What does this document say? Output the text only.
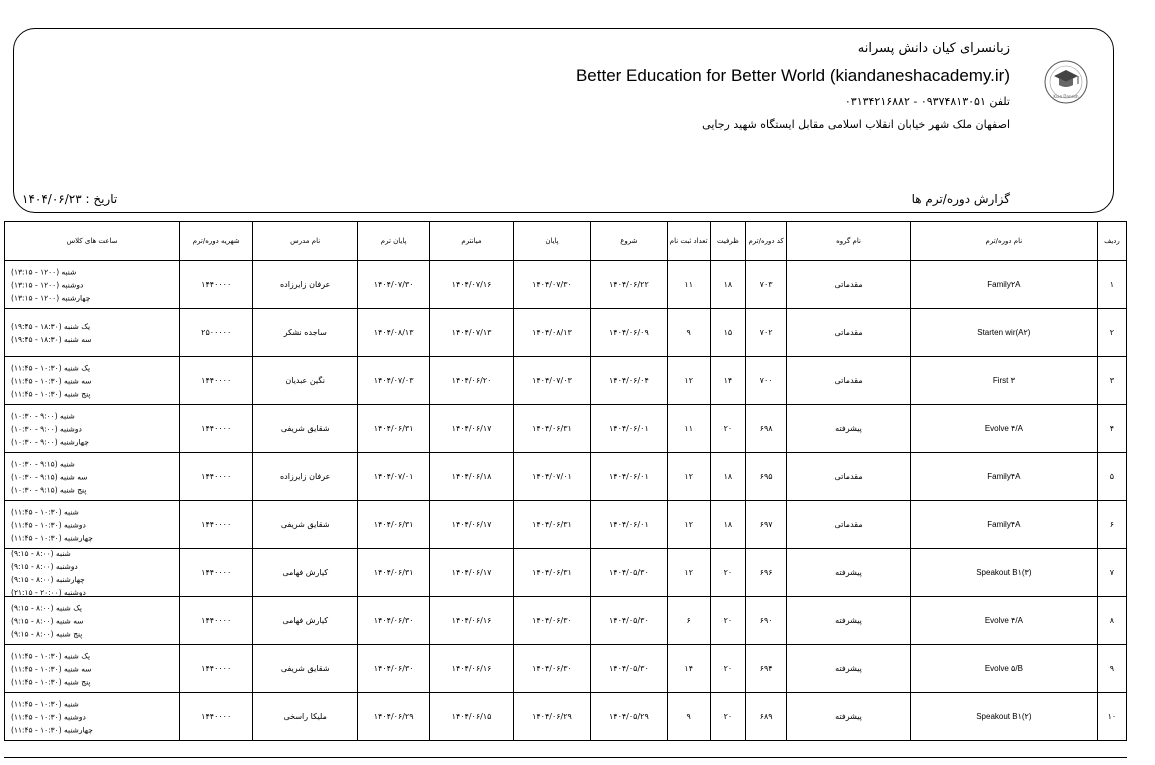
Kian Danesh
زبانسرای کیان دانش پسرانه
Better Education for Better World (kiandaneshacademy.ir)
تلفن ۰۹۳۷۴۸۱۳۰۵۱ - ۰۳۱۳۴۲۱۶۸۸۲
اصفهان ملک شهر خیابان انقلاب اسلامی مقابل ایستگاه شهید رجایی
گزارش دوره/ترم ها
تاریخ : ۱۴۰۴/۰۶/۲۳
ردیف	نام دوره/ترم	نام گروه	کد دوره/ترم	ظرفیت	تعداد ثبت نام	شروع	پایان	میانترم	پایان ترم	نام مدرس	شهریه دوره/ترم	ساعت های کلاس
۱	Family۲A	مقدماتی	۷۰۳	۱۸	۱۱	۱۴۰۴/۰۶/۲۲	۱۴۰۴/۰۷/۳۰	۱۴۰۴/۰۷/۱۶	۱۴۰۴/۰۷/۳۰	عرفان زایرزاده	۱۴۴۰۰۰۰	شنبه (۱۲۰۰ - ۱۳:۱۵)
دوشنبه (۱۲۰۰ - ۱۳:۱۵)
چهارشنبه (۱۲۰۰ - ۱۳:۱۵)

۲	Starten wir(A۲)	مقدماتی	۷۰۲	۱۵	۹	۱۴۰۴/۰۶/۰۹	۱۴۰۴/۰۸/۱۳	۱۴۰۴/۰۷/۱۳	۱۴۰۴/۰۸/۱۳	ساجده نشکر	۲۵۰۰۰۰۰	یک شنبه (۱۸:۳۰ - ۱۹:۴۵)
سه شنبه (۱۸:۳۰ - ۱۹:۴۵)

۳	First ۳	مقدماتی	۷۰۰	۱۴	۱۲	۱۴۰۴/۰۶/۰۴	۱۴۰۴/۰۷/۰۳	۱۴۰۴/۰۶/۲۰	۱۴۰۴/۰۷/۰۳	نگین عبدیان	۱۴۴۰۰۰۰	یک شنبه (۱۰:۳۰ - ۱۱:۴۵)
سه شنبه (۱۰:۳۰ - ۱۱:۴۵)
پنج شنبه (۱۰:۳۰ - ۱۱:۴۵)

۴	Evolve ۴/A	پیشرفته	۶۹۸	۲۰	۱۱	۱۴۰۴/۰۶/۰۱	۱۴۰۴/۰۶/۳۱	۱۴۰۴/۰۶/۱۷	۱۴۰۴/۰۶/۳۱	شقایق شریفی	۱۴۴۰۰۰۰	شنبه (۹:۰۰ - ۱۰:۳۰)
دوشنبه (۹:۰۰ - ۱۰:۳۰)
چهارشنبه (۹:۰۰ - ۱۰:۳۰)

۵	Family۴A	مقدماتی	۶۹۵	۱۸	۱۲	۱۴۰۴/۰۶/۰۱	۱۴۰۴/۰۷/۰۱	۱۴۰۴/۰۶/۱۸	۱۴۰۴/۰۷/۰۱	عرفان زایرزاده	۱۴۴۰۰۰۰	شنبه (۹:۱۵ - ۱۰:۳۰)
سه شنبه (۹:۱۵ - ۱۰:۳۰)
پنج شنبه (۹:۱۵ - ۱۰:۳۰)

۶	Family۴A	مقدماتی	۶۹۷	۱۸	۱۲	۱۴۰۴/۰۶/۰۱	۱۴۰۴/۰۶/۳۱	۱۴۰۴/۰۶/۱۷	۱۴۰۴/۰۶/۳۱	شقایق شریفی	۱۴۴۰۰۰۰	شنبه (۱۰:۳۰ - ۱۱:۴۵)
دوشنبه (۱۰:۳۰ - ۱۱:۴۵)
چهارشنبه (۱۰:۳۰ - ۱۱:۴۵)

۷	Speakout B۱(۳)	پیشرفته	۶۹۶	۲۰	۱۲	۱۴۰۴/۰۵/۳۰	۱۴۰۴/۰۶/۳۱	۱۴۰۴/۰۶/۱۷	۱۴۰۴/۰۶/۳۱	کیارش فهامی	۱۴۴۰۰۰۰	شنبه (۸:۰۰ - ۹:۱۵)
دوشنبه (۸:۰۰ - ۹:۱۵)
چهارشنبه (۸:۰۰ - ۹:۱۵)
دوشنبه (۲۰:۰۰ - ۲۱:۱۵)

۸	Evolve ۴/A	پیشرفته	۶۹۰	۲۰	۶	۱۴۰۴/۰۵/۳۰	۱۴۰۴/۰۶/۳۰	۱۴۰۴/۰۶/۱۶	۱۴۰۴/۰۶/۳۰	کیارش فهامی	۱۴۴۰۰۰۰	یک شنبه (۸:۰۰ - ۹:۱۵)
سه شنبه (۸:۰۰ - ۹:۱۵)
پنج شنبه (۸:۰۰ - ۹:۱۵)

۹	Evolve ۵/B	پیشرفته	۶۹۴	۲۰	۱۴	۱۴۰۴/۰۵/۳۰	۱۴۰۴/۰۶/۳۰	۱۴۰۴/۰۶/۱۶	۱۴۰۴/۰۶/۳۰	شقایق شریفی	۱۴۴۰۰۰۰	یک شنبه (۱۰:۳۰ - ۱۱:۴۵)
سه شنبه (۱۰:۳۰ - ۱۱:۴۵)
پنج شنبه (۱۰:۳۰ - ۱۱:۴۵)

۱۰	Speakout B۱(۲)	پیشرفته	۶۸۹	۲۰	۹	۱۴۰۴/۰۵/۲۹	۱۴۰۴/۰۶/۲۹	۱۴۰۴/۰۶/۱۵	۱۴۰۴/۰۶/۲۹	ملیکا راسخی	۱۴۴۰۰۰۰	شنبه (۱۰:۳۰ - ۱۱:۴۵)
دوشنبه (۱۰:۳۰ - ۱۱:۴۵)
چهارشنبه (۱۰:۳۰ - ۱۱:۴۵)
